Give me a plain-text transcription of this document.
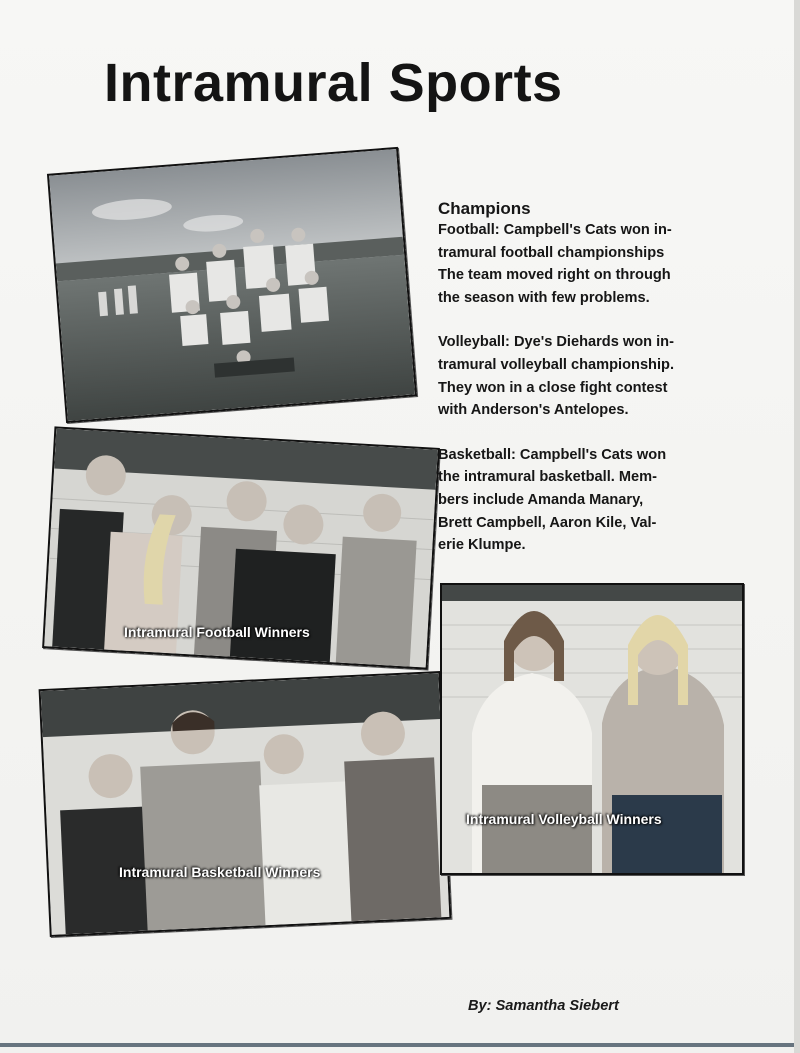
Intramural Sports
Intramural Football Winners
Intramural Basketball Winners
Intramural Volleyball Winners
Champions

Football: Campbell's Cats won in-
tramural football championships
The team moved right on through
the season with few problems.

Volleyball: Dye's Diehards won in-
tramural volleyball championship.
They won in a close fight contest
with Anderson's Antelopes.

Basketball: Campbell's Cats won
the intramural basketball. Mem-
bers include Amanda Manary,
Brett Campbell, Aaron Kile, Val-
erie Klumpe.

By: Samantha Siebert
